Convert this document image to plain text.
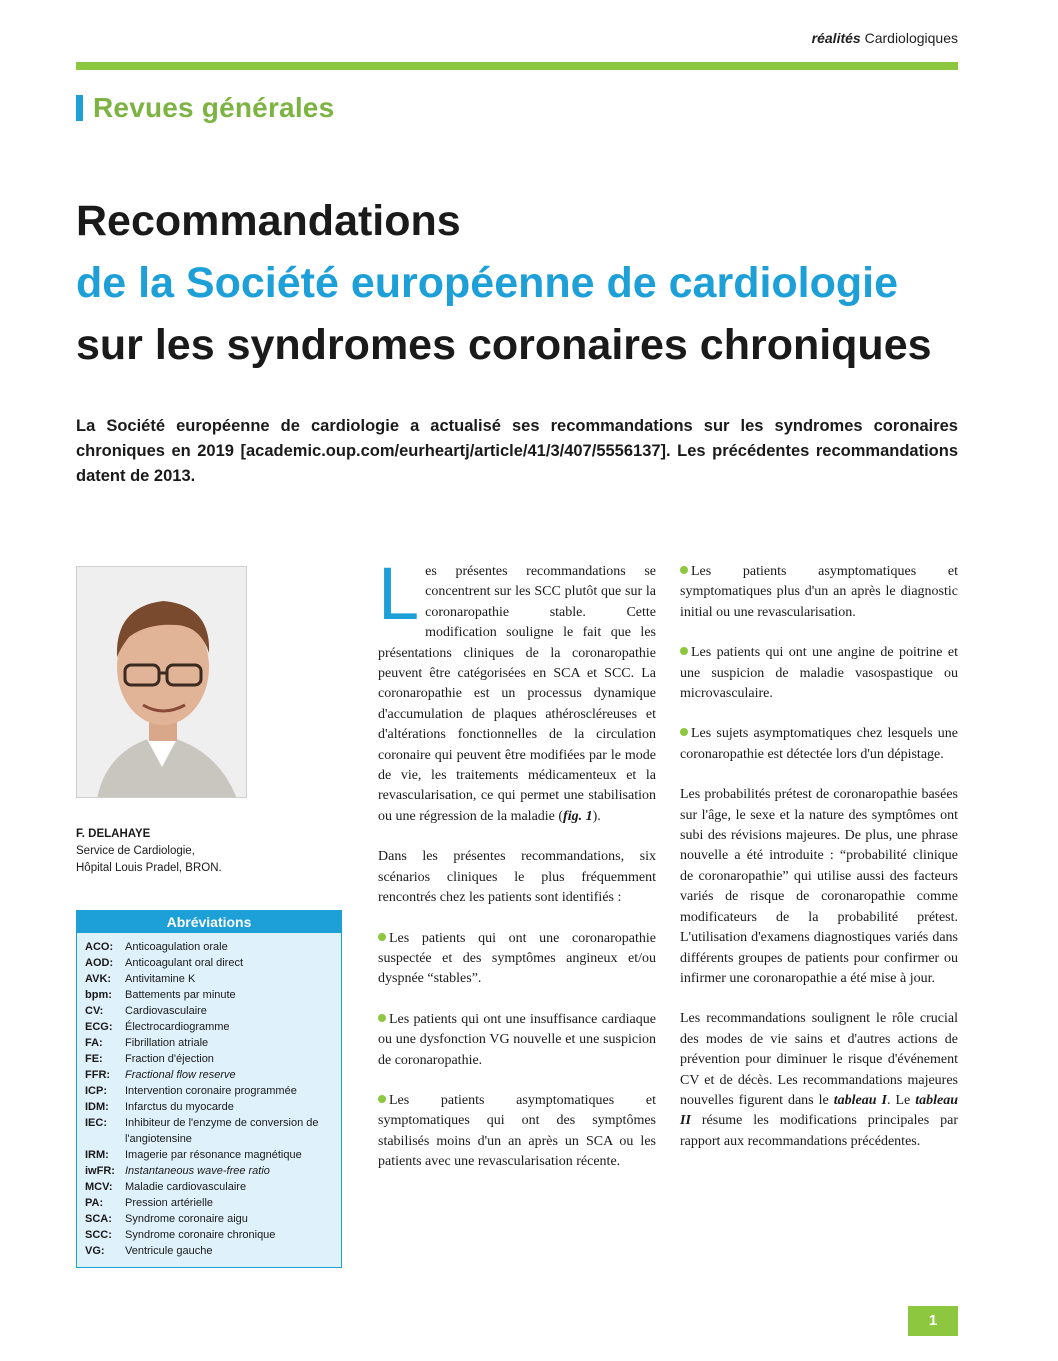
réalités Cardiologiques
Revues générales
Recommandations
de la Société européenne de cardiologie
sur les syndromes coronaires chroniques

La Société européenne de cardiologie a actualisé ses recommandations sur les syndromes coronaires chroniques en 2019 [academic.oup.com/eurheartj/article/41/3/407/5556137]. Les précédentes recommandations datent de 2013.

F. DELAHAYE
Service de Cardiologie,
Hôpital Louis Pradel, BRON.
Abréviations
ACO:	Anticoagulation orale
AOD:	Anticoagulant oral direct
AVK:	Antivitamine K
bpm:	Battements par minute
CV:	Cardiovasculaire
ECG:	Électrocardiogramme
FA:	Fibrillation atriale
FE:	Fraction d'éjection
FFR:	Fractional flow reserve
ICP:	Intervention coronaire programmée
IDM:	Infarctus du myocarde
IEC:	Inhibiteur de l'enzyme de conversion de l'angiotensine
IRM:	Imagerie par résonance magnétique
iwFR: Instantaneous wave-free ratio
MCV:	Maladie cardiovasculaire
PA:	Pression artérielle
SCA:	Syndrome coronaire aigu
SCC:	Syndrome coronaire chronique
VG:	Ventricule gauche

Les présentes recommandations se concentrent sur les SCC plutôt que sur la coronaropathie stable. Cette modification souligne le fait que les présentations cliniques de la coronaropathie peuvent être catégorisées en SCA et SCC. La coronaropathie est un processus dynamique d'accumulation de plaques athéroscléreuses et d'altérations fonctionnelles de la circulation coronaire qui peuvent être modifiées par le mode de vie, les traitements médicamenteux et la revascularisation, ce qui permet une stabilisation ou une régression de la maladie (fig. 1).

Dans les présentes recommandations, six scénarios cliniques le plus fréquemment rencontrés chez les patients sont identifiés :

Les patients qui ont une coronaropathie suspectée et des symptômes angineux et/ou dyspnée “stables”.

Les patients qui ont une insuffisance cardiaque ou une dysfonction VG nouvelle et une suspicion de coronaropathie.

Les patients asymptomatiques et symptomatiques qui ont des symptômes stabilisés moins d'un an après un SCA ou les patients avec une revascularisation récente.

Les patients asymptomatiques et symptomatiques plus d'un an après le diagnostic initial ou une revascularisation.

Les patients qui ont une angine de poitrine et une suspicion de maladie vasospastique ou microvasculaire.

Les sujets asymptomatiques chez lesquels une coronaropathie est détectée lors d'un dépistage.

Les probabilités prétest de coronaropathie basées sur l'âge, le sexe et la nature des symptômes ont subi des révisions majeures. De plus, une phrase nouvelle a été introduite : “probabilité clinique de coronaropathie” qui utilise aussi des facteurs variés de risque de coronaropathie comme modificateurs de la probabilité prétest. L'utilisation d'examens diagnostiques variés dans différents groupes de patients pour confirmer ou infirmer une coronaropathie a été mise à jour.

Les recommandations soulignent le rôle crucial des modes de vie sains et d'autres actions de prévention pour diminuer le risque d'événement CV et de décès. Les recommandations majeures nouvelles figurent dans le tableau I. Le tableau II résume les modifications principales par rapport aux recommandations précédentes.

1
